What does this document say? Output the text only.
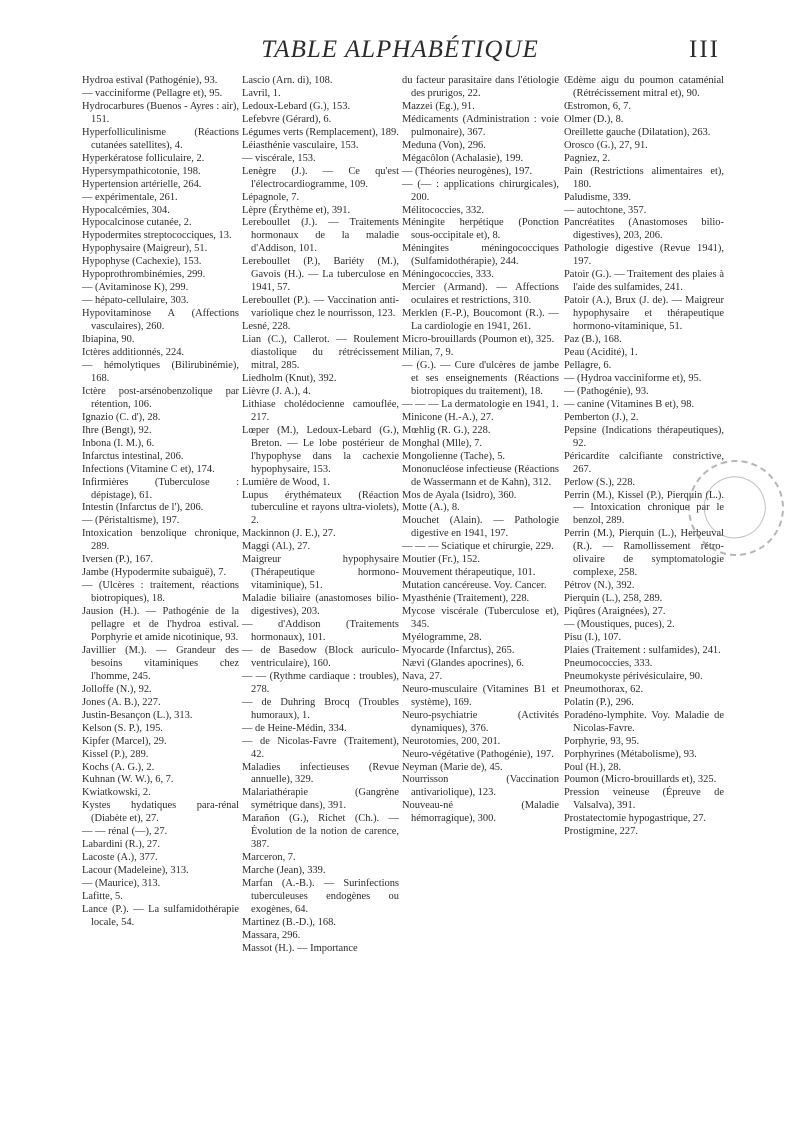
TABLE ALPHABÉTIQUE	III

Hydroa estival (Pathogénie), 93.

— vacciniforme (Pellagre et), 95.

Hydrocarbures (Buenos - Ayres : air), 151.

Hyperfolliculinisme (Réactions cutanées satellites), 4.

Hyperkératose folliculaire, 2.

Hypersympathicotonie, 198.

Hypertension artérielle, 264.

— expérimentale, 261.

Hypocalcémies, 304.

Hypocalcinose cutanée, 2.

Hypodermites streptococciques, 13.

Hypophysaire (Maigreur), 51.

Hypophyse (Cachexie), 153.

Hypoprothrombinémies, 299.

— (Avitaminose K), 299.

— hépato-cellulaire, 303.

Hypovitaminose A (Affections vasculaires), 260.

Ibiapina, 90.

Ictères additionnés, 224.

— hémolytiques (Bilirubinémie), 168.

Ictère post-arsénobenzolique par rétention, 106.

Ignazio (C. d'), 28.

Ihre (Bengt), 92.

Inbona (I. M.), 6.

Infarctus intestinal, 206.

Infections (Vitamine C et), 174.

Infirmières (Tuberculose : dépistage), 61.

Intestin (Infarctus de l'), 206.

— (Péristaltisme), 197.

Intoxication benzolique chronique, 289.

Iversen (P.), 167.

Jambe (Hypodermite subaiguë), 7.

— (Ulcères : traitement, réactions biotropiques), 18.

Jausion (H.). — Pathogénie de la pellagre et de l'hydroa estival. Porphyrie et amide nicotinique, 93.

Javillier (M.). — Grandeur des besoins vitaminiques chez l'homme, 245.

Jolloffe (N.), 92.

Jones (A. B.), 227.

Justin-Besançon (L.), 313.

Kelson (S. P.), 195.

Kipfer (Marcel), 29.

Kissel (P.), 289.

Kochs (A. G.), 2.

Kuhnan (W. W.), 6, 7.

Kwiatkowski, 2.

Kystes hydatiques para-rénal (Diabète et), 27.

— — rénal (—), 27.

Labardini (R.), 27.

Lacoste (A.), 377.

Lacour (Madeleine), 313.

— (Maurice), 313.

Lafitte, 5.

Lance (P.). — La sulfamidothérapie locale, 54.

Lascio (Arn. di), 108.

Lavril, 1.

Ledoux-Lebard (G.), 153.

Lefebvre (Gérard), 6.

Légumes verts (Remplacement), 189.

Léiasthénie vasculaire, 153.

— viscérale, 153.

Lenègre (J.). — Ce qu'est l'électrocardiogramme, 109.

Lépagnole, 7.

Lèpre (Érythème et), 391.

Lereboullet (J.). — Traitements hormonaux de la maladie d'Addison, 101.

Lereboullet (P.), Bariéty (M.), Gavois (H.). — La tuberculose en 1941, 57.

Lereboullet (P.). — Vaccination anti-variolique chez le nourrisson, 123.

Lesné, 228.

Lian (C.), Callerot. — Roulement diastolique du rétrécissement mitral, 285.

Liedholm (Knut), 392.

Lièvre (J. A.), 4.

Lithiase cholédocienne camouflée, 217.

Lœper (M.), Ledoux-Lebard (G.), Breton. — Le lobe postérieur de l'hypophyse dans la cachexie hypophysaire, 153.

Lumière de Wood, 1.

Lupus érythémateux (Réaction tuberculine et rayons ultra-violets), 2.

Mackinnon (J. E.), 27.

Maggi (Al.), 27.

Maigreur hypophysaire (Thérapeutique hormono-vitaminique), 51.

Maladie biliaire (anastomoses bilio-digestives), 203.

— d'Addison (Traitements hormonaux), 101.

— de Basedow (Block auriculo-ventriculaire), 160.

— — (Rythme cardiaque : troubles), 278.

— de Duhring Brocq (Troubles humoraux), 1.

— de Heine-Médin, 334.

— de Nicolas-Favre (Traitement), 42.

Maladies infectieuses (Revue annuelle), 329.

Malariathérapie (Gangrène symétrique dans), 391.

Marañon (G.), Richet (Ch.). — Évolution de la notion de carence, 387.

Marceron, 7.

Marche (Jean), 339.

Marfan (A.-B.). — Surinfections tuberculeuses endogènes ou exogènes, 64.

Martinez (B.-D.), 168.

Massara, 296.

Massot (H.). — Importance

du facteur parasitaire dans l'étiologie des prurigos, 22.

Mazzei (Eg.), 91.

Médicaments (Administration : voie pulmonaire), 367.

Meduna (Von), 296.

Mégacôlon (Achalasie), 199.

— (Théories neurogènes), 197.

— (— : applications chirurgicales), 200.

Mélitococcies, 332.

Méningite herpétique (Ponction sous-occipitale et), 8.

Méningites méningococciques (Sulfamidothérapie), 244.

Méningococcies, 333.

Mercier (Armand). — Affections oculaires et restrictions, 310.

Merklen (F.-P.), Boucomont (R.). — La cardiologie en 1941, 261.

Micro-brouillards (Poumon et), 325.

Milian, 7, 9.

— (G.). — Cure d'ulcères de jambe et ses enseignements (Réactions biotropiques du traitement), 18.

— — — La dermatologie en 1941, 1.

Minicone (H.-A.), 27.

Mœhlig (R. G.), 228.

Monghal (Mlle), 7.

Mongolienne (Tache), 5.

Mononucléose infectieuse (Réactions de Wassermann et de Kahn), 312.

Mos de Ayala (Isidro), 360.

Motte (A.), 8.

Mouchet (Alain). — Pathologie digestive en 1941, 197.

— — — Sciatique et chirurgie, 229.

Moutier (Fr.), 152.

Mouvement thérapeutique, 101.

Mutation cancéreuse. Voy. Cancer.

Myasthénie (Traitement), 228.

Mycose viscérale (Tuberculose et), 345.

Myélogramme, 28.

Myocarde (Infarctus), 265.

Nævi (Glandes apocrines), 6.

Nava, 27.

Neuro-musculaire (Vitamines B1 et système), 169.

Neuro-psychiatrie (Activités dynamiques), 376.

Neurotomies, 200, 201.

Neuro-végétative (Pathogénie), 197.

Neyman (Marie de), 45.

Nourrisson (Vaccination antivariolique), 123.

Nouveau-né (Maladie hémorragique), 300.

Œdème aigu du poumon cataménial (Rétrécissement mitral et), 90.

Œstromon, 6, 7.

Olmer (D.), 8.

Oreillette gauche (Dilatation), 263.

Orosco (G.), 27, 91.

Pagniez, 2.

Pain (Restrictions alimentaires et), 180.

Paludisme, 339.

— autochtone, 357.

Pancréatites (Anastomoses bilio-digestives), 203, 206.

Pathologie digestive (Revue 1941), 197.

Patoir (G.). — Traitement des plaies à l'aide des sulfamides, 241.

Patoir (A.), Brux (J. de). — Maigreur hypophysaire et thérapeutique hormono-vitaminique, 51.

Paz (B.), 168.

Peau (Acidité), 1.

Pellagre, 6.

— (Hydroa vacciniforme et), 95.

— (Pathogénie), 93.

— canine (Vitamines B et), 98.

Pemberton (J.), 2.

Pepsine (Indications thérapeutiques), 92.

Péricardite calcifiante constrictive, 267.

Perlow (S.), 228.

Perrin (M.), Kissel (P.), Pierquin (L.). — Intoxication chronique par le benzol, 289.

Perrin (M.), Pierquin (L.), Herbeuval (R.). — Ramollissement rétro-olivaire de symptomatologie complexe, 258.

Pétrov (N.), 392.

Pierquin (L.), 258, 289.

Piqûres (Araignées), 27.

— (Moustiques, puces), 2.

Pisu (I.), 107.

Plaies (Traitement : sulfamides), 241.

Pneumococcies, 333.

Pneumokyste périvésiculaire, 90.

Pneumothorax, 62.

Polatin (P.), 296.

Poradéno-lymphite. Voy. Maladie de Nicolas-Favre.

Porphyrie, 93, 95.

Porphyrines (Métabolisme), 93.

Poul (H.), 28.

Poumon (Micro-brouillards et), 325.

Pression veineuse (Épreuve de Valsalva), 391.

Prostatectomie hypogastrique, 27.

Prostigmine, 227.
